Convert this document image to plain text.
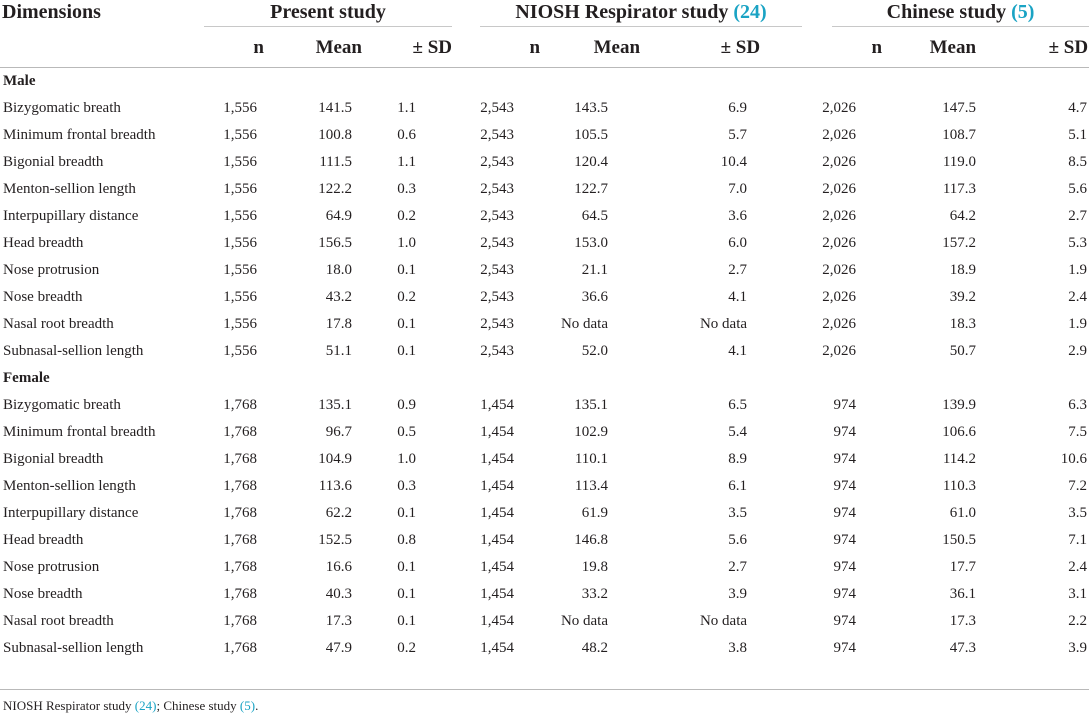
Dimensions	Present study			NIOSH Respirator study (24)			Chinese study (5)		

	n	Mean	± SD	n	Mean	± SD	n	Mean	± SD
Male									
Bizygomatic breath	1,556	141.5	1.1	2,543	143.5	6.9	2,026	147.5	4.7
Minimum frontal breadth	1,556	100.8	0.6	2,543	105.5	5.7	2,026	108.7	5.1
Bigonial breadth	1,556	111.5	1.1	2,543	120.4	10.4	2,026	119.0	8.5
Menton-sellion length	1,556	122.2	0.3	2,543	122.7	7.0	2,026	117.3	5.6
Interpupillary distance	1,556	64.9	0.2	2,543	64.5	3.6	2,026	64.2	2.7
Head breadth	1,556	156.5	1.0	2,543	153.0	6.0	2,026	157.2	5.3
Nose protrusion	1,556	18.0	0.1	2,543	21.1	2.7	2,026	18.9	1.9
Nose breadth	1,556	43.2	0.2	2,543	36.6	4.1	2,026	39.2	2.4
Nasal root breadth	1,556	17.8	0.1	2,543	No data	No data	2,026	18.3	1.9
Subnasal-sellion length	1,556	51.1	0.1	2,543	52.0	4.1	2,026	50.7	2.9
Female									
Bizygomatic breath	1,768	135.1	0.9	1,454	135.1	6.5	974	139.9	6.3
Minimum frontal breadth	1,768	96.7	0.5	1,454	102.9	5.4	974	106.6	7.5
Bigonial breadth	1,768	104.9	1.0	1,454	110.1	8.9	974	114.2	10.6
Menton-sellion length	1,768	113.6	0.3	1,454	113.4	6.1	974	110.3	7.2
Interpupillary distance	1,768	62.2	0.1	1,454	61.9	3.5	974	61.0	3.5
Head breadth	1,768	152.5	0.8	1,454	146.8	5.6	974	150.5	7.1
Nose protrusion	1,768	16.6	0.1	1,454	19.8	2.7	974	17.7	2.4
Nose breadth	1,768	40.3	0.1	1,454	33.2	3.9	974	36.1	3.1
Nasal root breadth	1,768	17.3	0.1	1,454	No data	No data	974	17.3	2.2
Subnasal-sellion length	1,768	47.9	0.2	1,454	48.2	3.8	974	47.3	3.9
NIOSH Respirator study (24); Chinese study (5).
